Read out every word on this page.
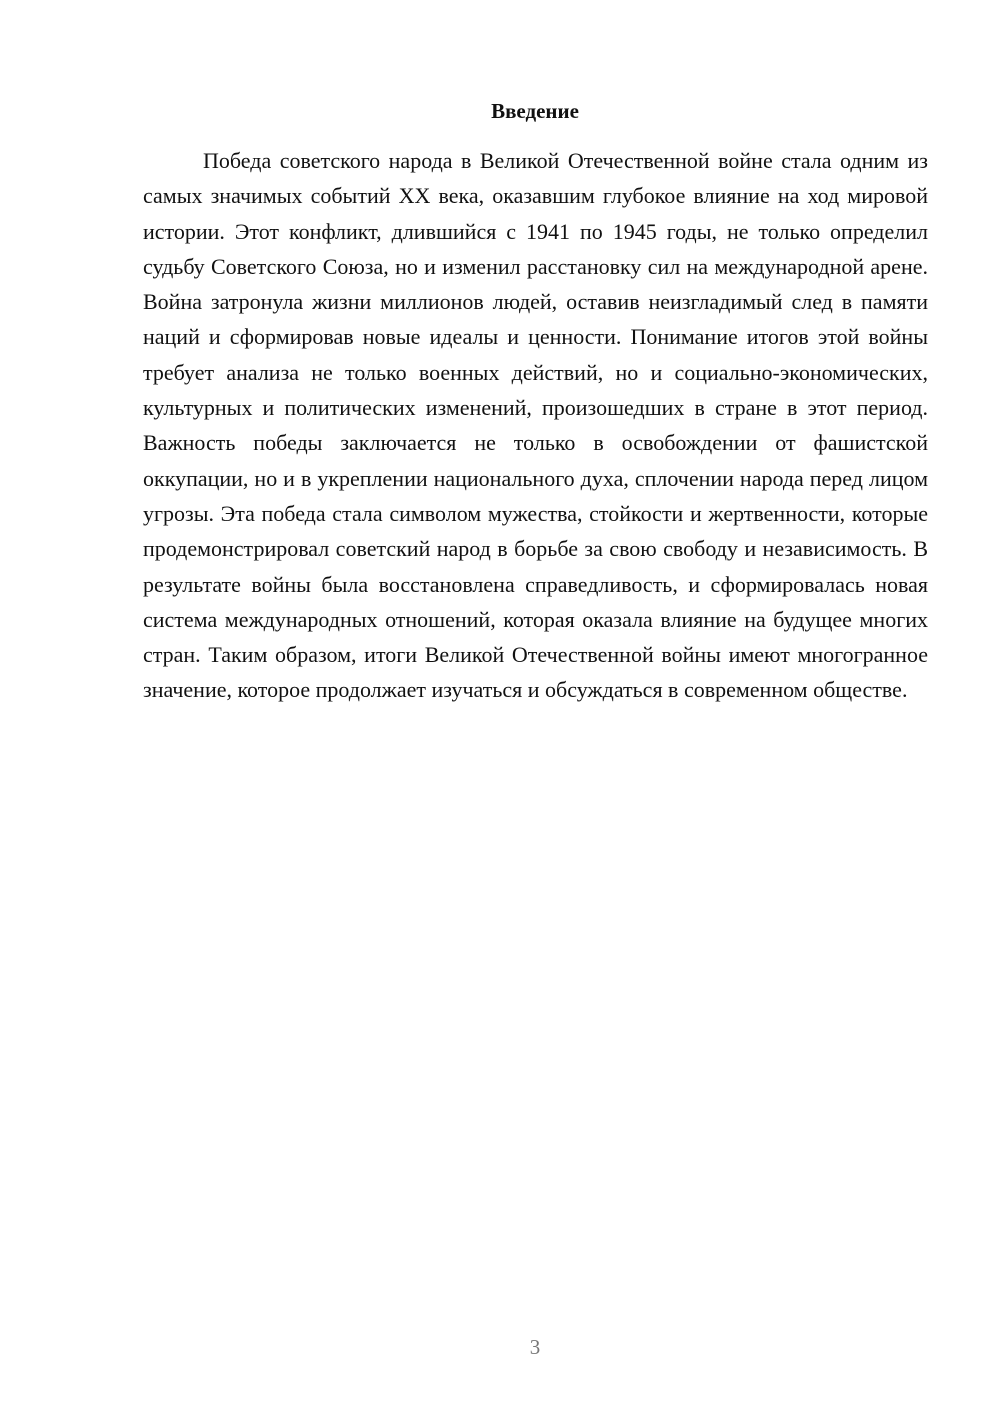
Введение

Победа советского народа в Великой Отечественной войне стала одним из самых значимых событий XX века, оказавшим глубокое влияние на ход мировой истории. Этот конфликт, длившийся с 1941 по 1945 годы, не только определил судьбу Советского Союза, но и изменил расстановку сил на международной арене. Война затронула жизни миллионов людей, оставив неизгладимый след в памяти наций и сформировав новые идеалы и ценности. Понимание итогов этой войны требует анализа не только военных действий, но и социально-экономических, культурных и политических изменений, произошедших в стране в этот период. Важность победы заключается не только в освобождении от фашистской оккупации, но и в укреплении национального духа, сплочении народа перед лицом угрозы. Эта победа стала символом мужества, стойкости и жертвенности, которые продемонстрировал советский народ в борьбе за свою свободу и независимость. В результате войны была восстановлена справедливость, и сформировалась новая система международных отношений, которая оказала влияние на будущее многих стран. Таким образом, итоги Великой Отечественной войны имеют многогранное значение, которое продолжает изучаться и обсуждаться в современном обществе.

3
